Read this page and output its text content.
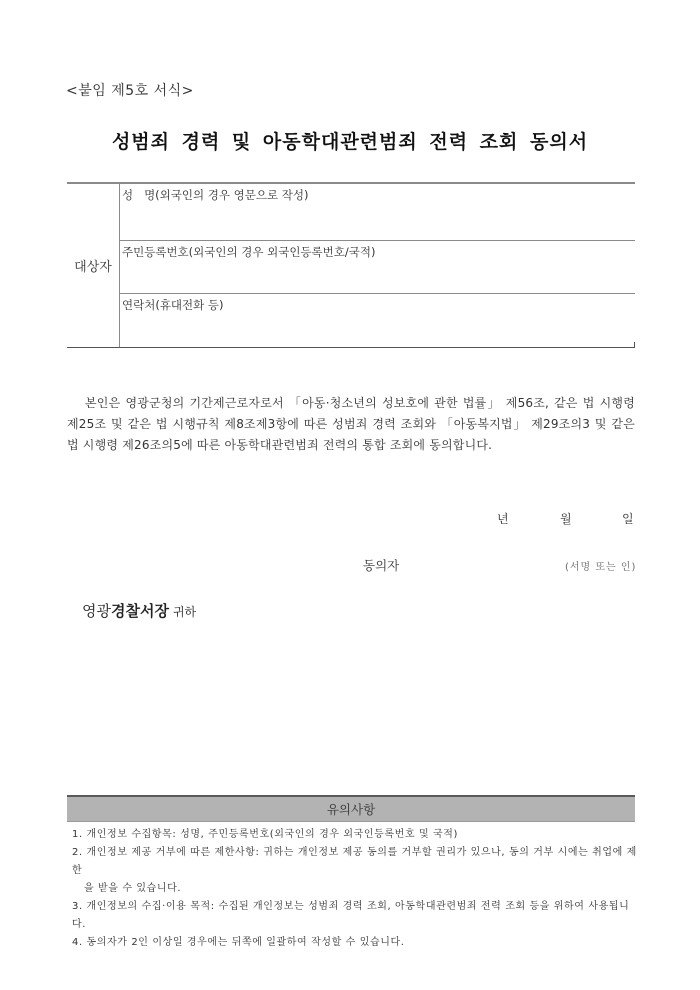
<붙임 제5호 서식>
성범죄 경력 및 아동학대관련범죄 전력 조회 동의서
대상자
성   명(외국인의 경우 영문으로 작성)
주민등록번호(외국인의 경우 외국인등록번호/국적)
연락처(휴대전화 등)
본인은 영광군청의 기간제근로자로서 「아동·청소년의 성보호에 관한 법률」 제56조, 같은 법 시행령 제25조 및 같은 법 시행규칙 제8조제3항에 따른 성범죄 경력 조회와 「아동복지법」 제29조의3 및 같은 법 시행령 제26조의5에 따른 아동학대관련범죄 전력의 통합 조회에 동의합니다.
년	월	일
동의자	(서명 또는 인)
영광경찰서장 귀하
유의사항

1. 개인정보 수집항목: 성명, 주민등록번호(외국인의 경우 외국인등록번호 및 국적)

2. 개인정보 제공 거부에 따른 제한사항: 귀하는 개인정보 제공 동의를 거부할 권리가 있으나, 동의 거부 시에는 취업에 제한
을 받을 수 있습니다.

3. 개인정보의 수집·이용 목적: 수집된 개인정보는 성범죄 경력 조회, 아동학대관련범죄 전력 조회 등을 위하여 사용됩니다.

4. 동의자가 2인 이상일 경우에는 뒤쪽에 일괄하여 작성할 수 있습니다.
